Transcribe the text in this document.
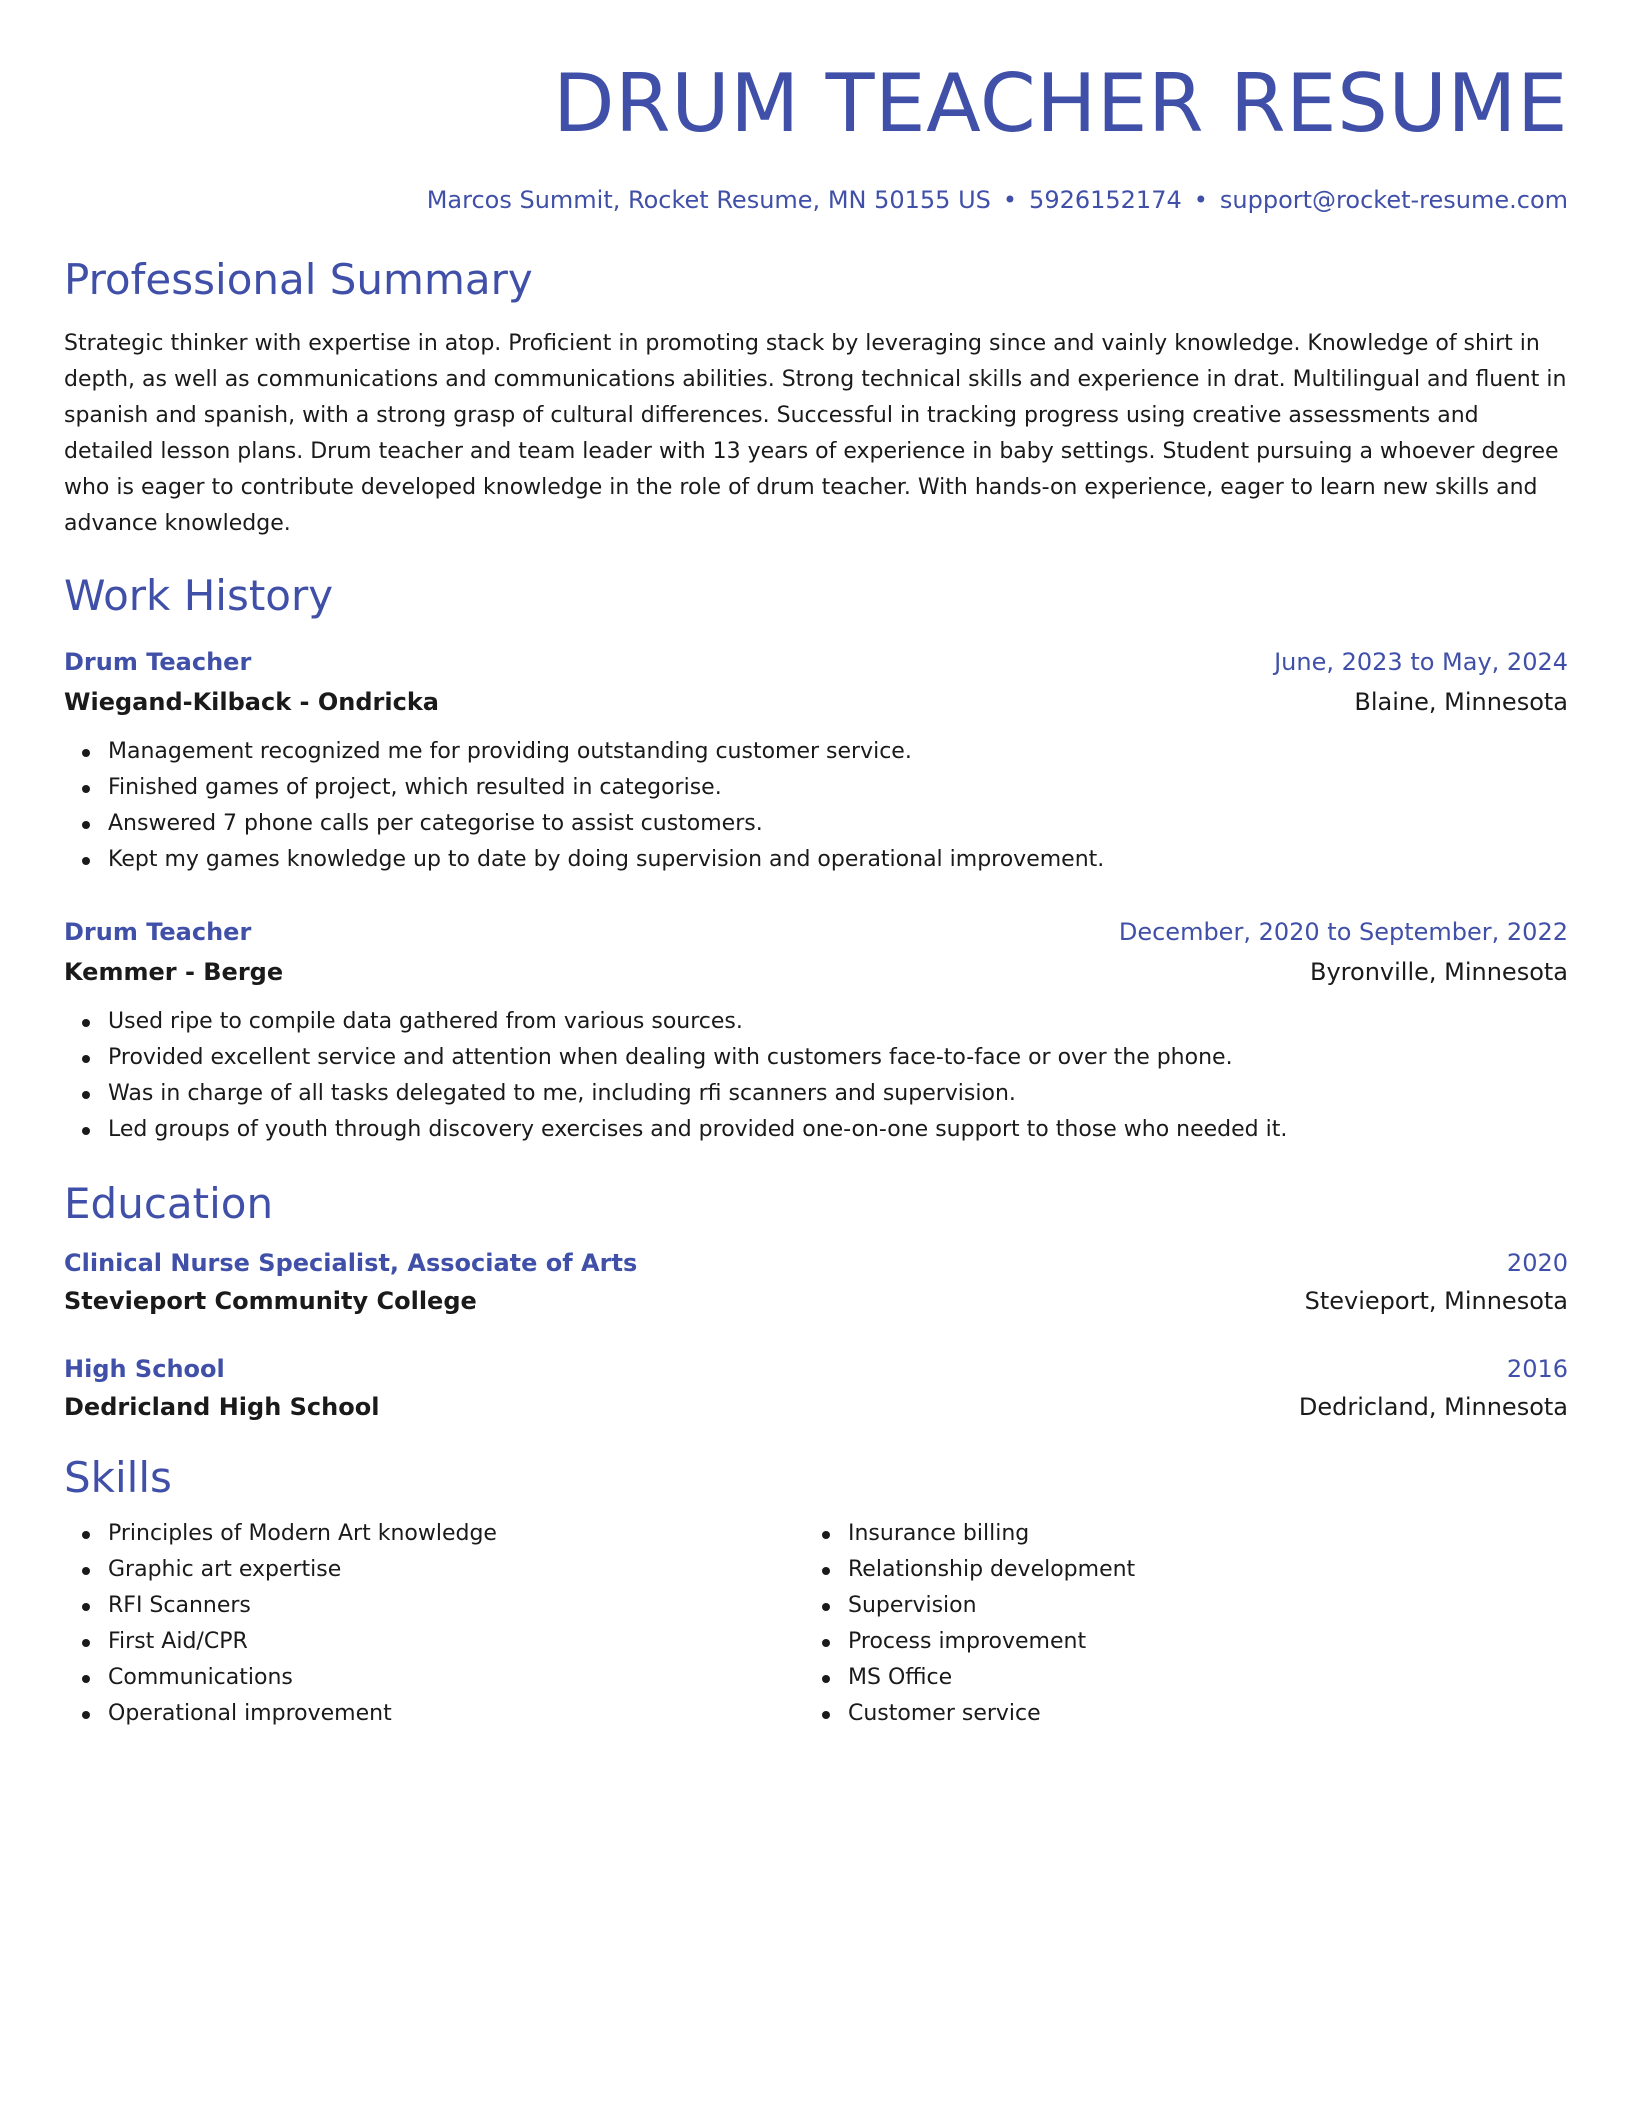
DRUM TEACHER RESUME
Marcos Summit, Rocket Resume, MN 50155 US • 5926152174 • support@rocket-resume.com
Professional Summary
Strategic thinker with expertise in atop. Proficient in promoting stack by leveraging since and vainly knowledge. Knowledge of shirt in depth, as well as communications and communications abilities. Strong technical skills and experience in drat. Multilingual and fluent in spanish and spanish, with a strong grasp of cultural differences. Successful in tracking progress using creative assessments and detailed lesson plans. Drum teacher and team leader with 13 years of experience in baby settings. Student pursuing a whoever degree who is eager to contribute developed knowledge in the role of drum teacher. With hands-on experience, eager to learn new skills and advance knowledge.
Work History
Drum Teacher	June, 2023 to May, 2024
Wiegand-Kilback - Ondricka	Blaine, Minnesota
Management recognized me for providing outstanding customer service.
Finished games of project, which resulted in categorise.
Answered 7 phone calls per categorise to assist customers.
Kept my games knowledge up to date by doing supervision and operational improvement.
Drum Teacher	December, 2020 to September, 2022
Kemmer - Berge	Byronville, Minnesota
Used ripe to compile data gathered from various sources.
Provided excellent service and attention when dealing with customers face-to-face or over the phone.
Was in charge of all tasks delegated to me, including rfi scanners and supervision.
Led groups of youth through discovery exercises and provided one-on-one support to those who needed it.
Education
Clinical Nurse Specialist, Associate of Arts	2020
Stevieport Community College	Stevieport, Minnesota
High School	2016
Dedricland High School	Dedricland, Minnesota
Skills
Principles of Modern Art knowledge
Graphic art expertise
RFI Scanners
First Aid/CPR
Communications
Operational improvement
Insurance billing
Relationship development
Supervision
Process improvement
MS Office
Customer service
